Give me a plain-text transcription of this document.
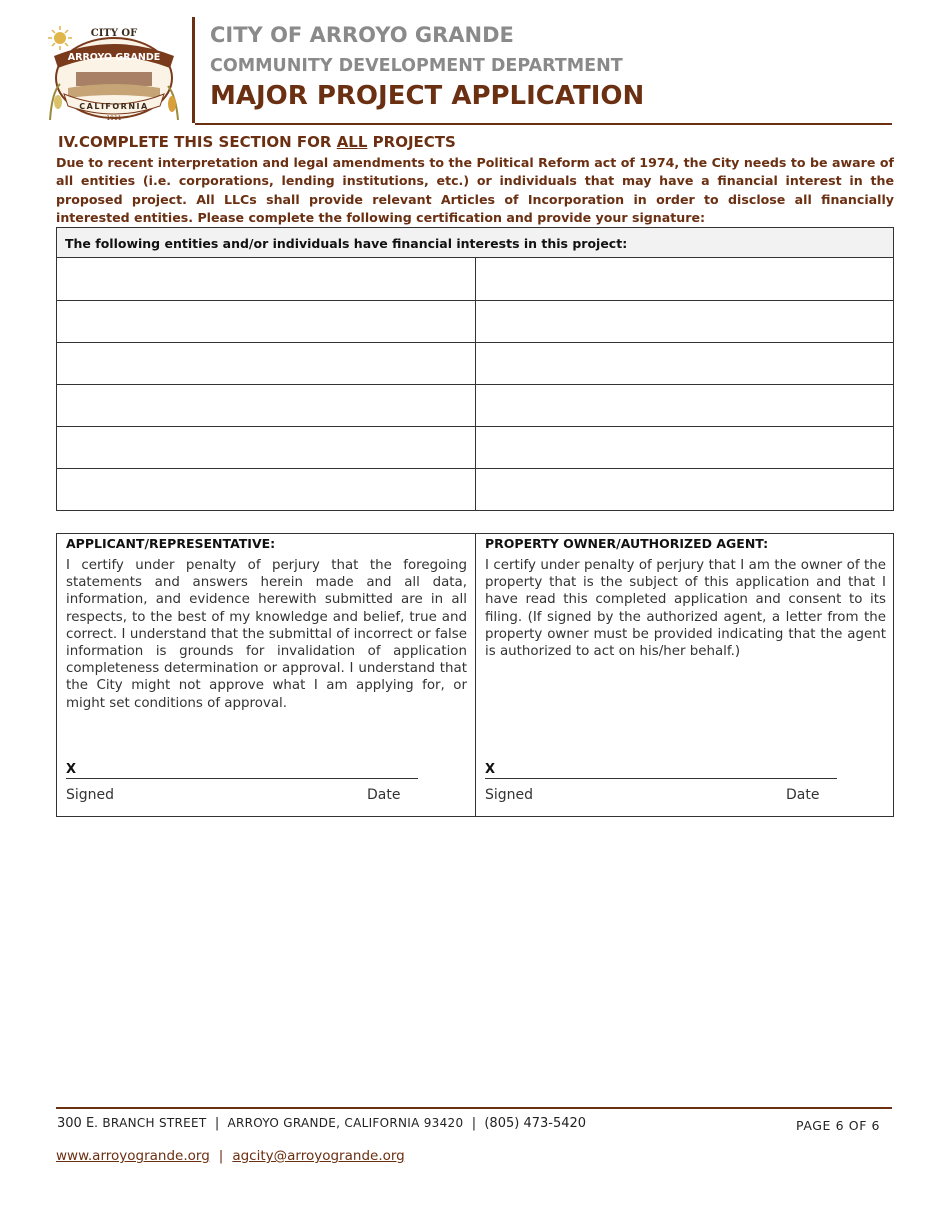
CITY OF
ARROYO GRANDE
CALIFORNIA
1911
CITY OF ARROYO GRANDE
COMMUNITY DEVELOPMENT DEPARTMENT
MAJOR PROJECT APPLICATION
IV.COMPLETE THIS SECTION FOR ALL PROJECTS
Due to recent interpretation and legal amendments to the Political Reform act of 1974, the City needs to be aware of all entities (i.e. corporations, lending institutions, etc.) or individuals that may have a financial interest in the proposed project. All LLCs shall provide relevant Articles of Incorporation in order to disclose all financially interested entities. Please complete the following certification and provide your signature:
The following entities and/or individuals have financial interests in this project:
APPLICANT/REPRESENTATIVE:
I certify under penalty of perjury that the foregoing statements and answers herein made and all data, information, and evidence herewith submitted are in all respects, to the best of my knowledge and belief, true and correct. I understand that the submittal of incorrect or false information is grounds for invalidation of application completeness determination or approval. I understand that the City might not approve what I am applying for, or might set conditions of approval.
X
Signed	Date
PROPERTY OWNER/AUTHORIZED AGENT:
I certify under penalty of perjury that I am the owner of the property that is the subject of this application and that I have read this completed application and consent to its filing. (If signed by the authorized agent, a letter from the property owner must be provided indicating that the agent is authorized to act on his/her behalf.)
X
Signed	Date
300 E. BRANCH STREET  |  ARROYO GRANDE, CALIFORNIA 93420  |  (805) 473-5420	PAGE 6 OF 6
www.arroyogrande.org | agcity@arroyogrande.org
